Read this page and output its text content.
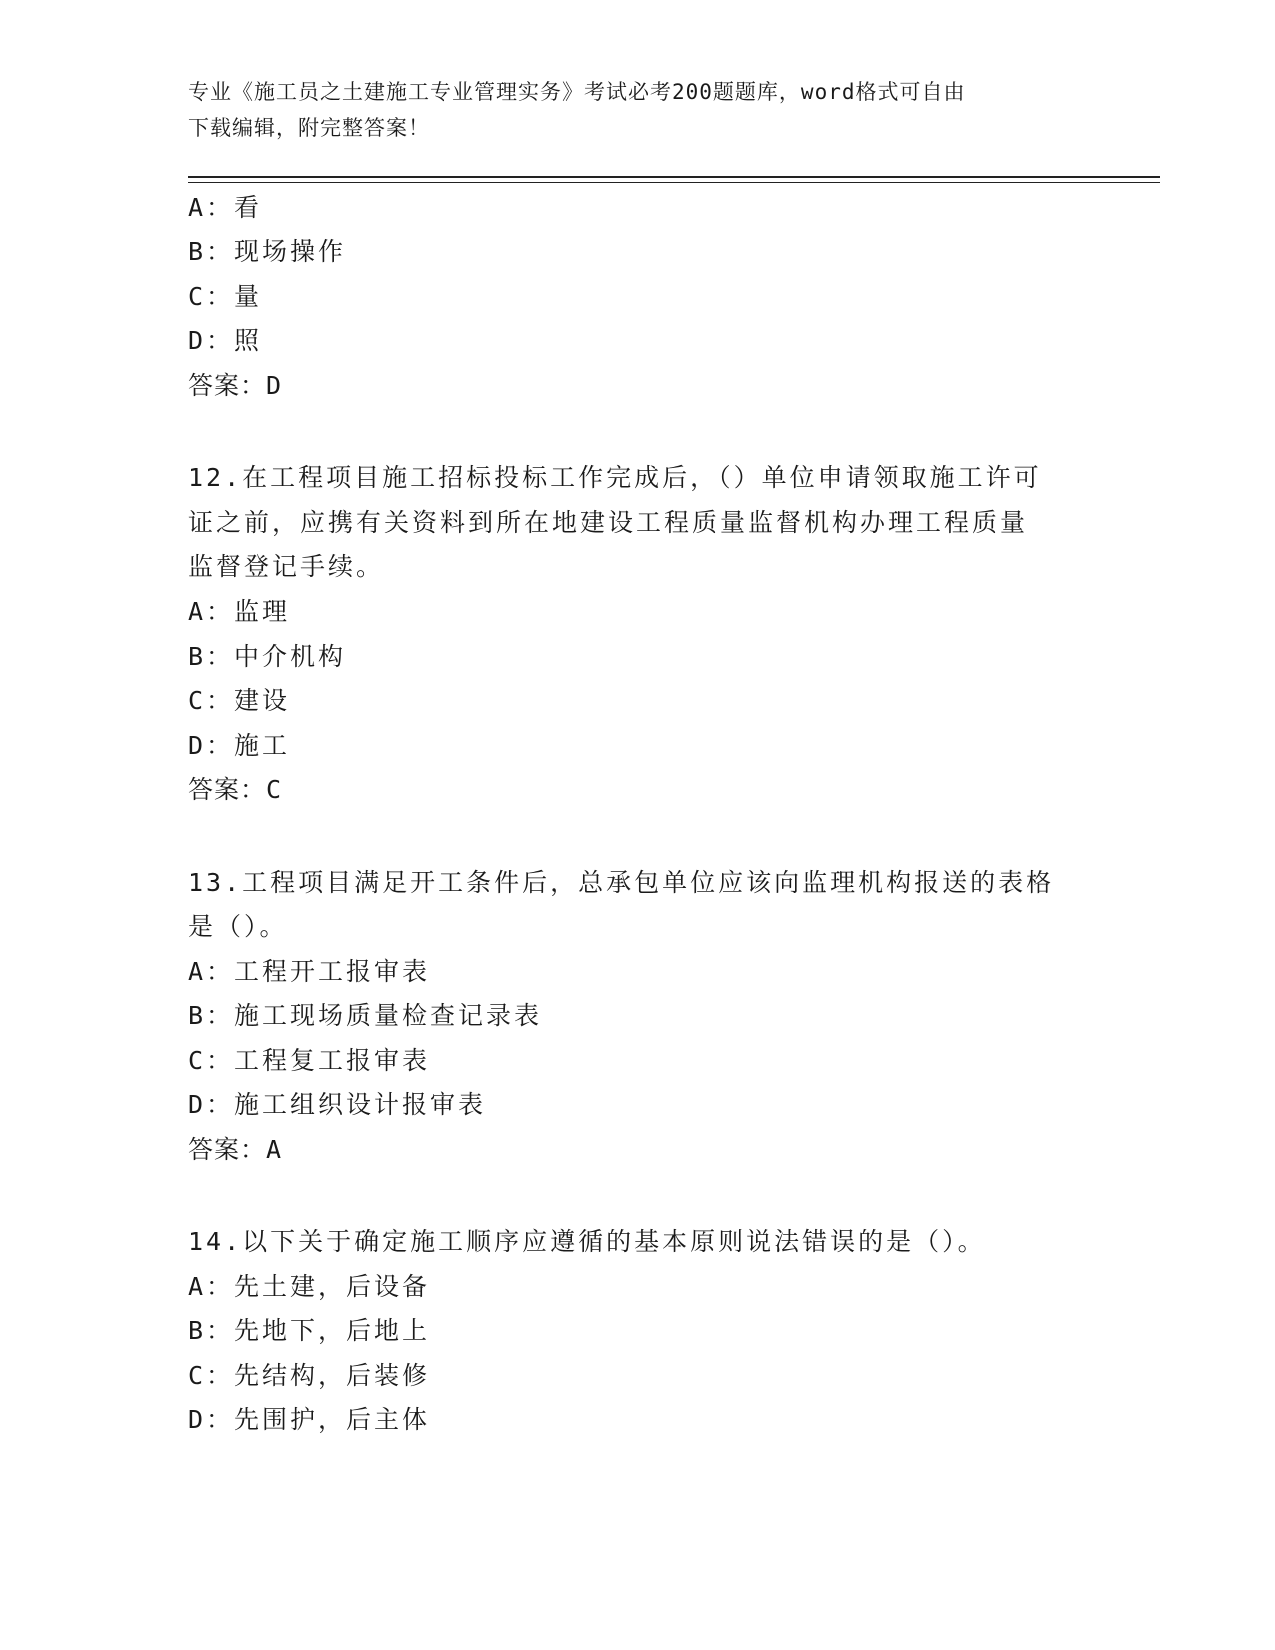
专业《施工员之土建施工专业管理实务》考试必考200题题库，word格式可自由
下载编辑，附完整答案！
A：看
B：现场操作
C：量
D：照
答案：D
12.在工程项目施工招标投标工作完成后，（）单位申请领取施工许可
证之前，应携有关资料到所在地建设工程质量监督机构办理工程质量
监督登记手续。
A：监理
B：中介机构
C：建设
D：施工
答案：C
13.工程项目满足开工条件后，总承包单位应该向监理机构报送的表格
是（）。
A：工程开工报审表
B：施工现场质量检查记录表
C：工程复工报审表
D：施工组织设计报审表
答案：A
14.以下关于确定施工顺序应遵循的基本原则说法错误的是（）。
A：先土建，后设备
B：先地下，后地上
C：先结构，后装修
D：先围护，后主体
